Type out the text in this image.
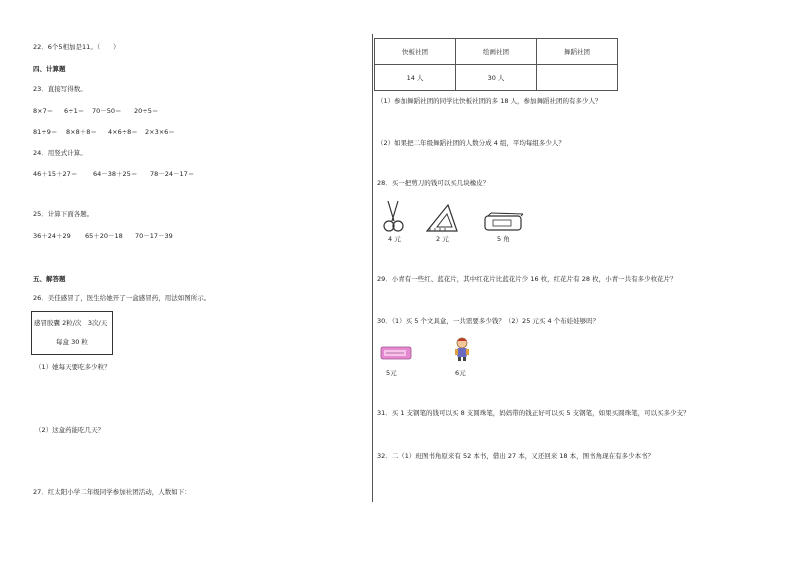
22．6个5相加是11。（　　）
四、计算题
23．直接写得数。
8×7＝ 6÷1＝ 70－50＝ 20÷5＝
81÷9＝ 8×8＋8＝ 4×6÷8＝ 2×3×6＝
24．用竖式计算。
46＋15＋27＝ 64－38＋25＝ 78－24－17＝
25．计算下面各题。
36＋24＋29 65＋20－18 70－17－39
五、解答题
26．美佳感冒了，医生给她开了一盒感冒药，用法如图所示。
感冒胶囊 2粒/次　3次/天
每盒 30 粒
（1）她每天要吃多少粒？
（2）这盒药能吃几天？
27．红太阳小学二年级同学参加社团活动，人数如下：
快板社团	绘画社团	舞蹈社团
14 人	30 人	
（1）参加舞蹈社团的同学比快板社团的多 18 人，参加舞蹈社团的有多少人？
（2）如果把二年级舞蹈社团的人数分成 4 组，平均每组多少人？
28．买一把剪刀的钱可以买几块橡皮？
4 元	2 元	5 角
29．小青有一些红、蓝花片，其中红花片比蓝花片少 16 枚，红花片有 28 枚，小青一共有多少枚花片？
30．（1）买 5 个文具盒，一共需要多少钱？（2）25 元买 4 个布娃娃够吗？
5元	6元
31．买 1 支钢笔的钱可以买 8 支圆珠笔，妈妈带的钱正好可以买 5 支钢笔，如果买圆珠笔，可以买多少支？
32．二（1）班图书角原来有 52 本书，借出 27 本，又还回来 18 本，图书角现在有多少本书？
